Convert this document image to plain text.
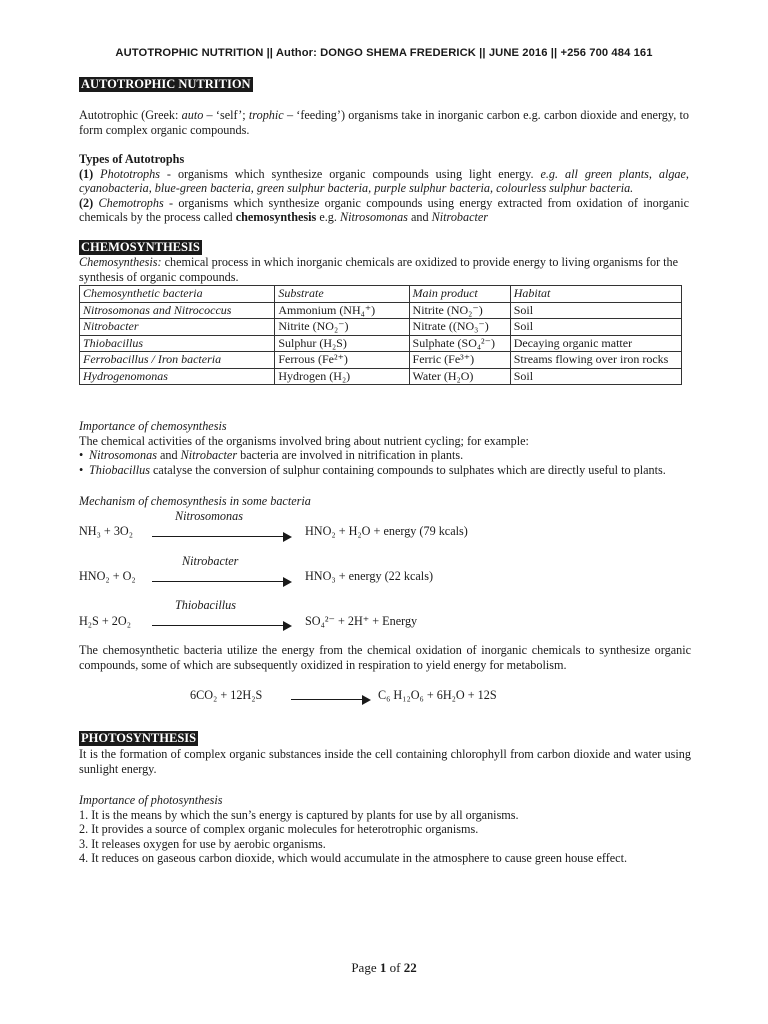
AUTOTROPHIC NUTRITION || Author: DONGO SHEMA FREDERICK || JUNE 2016 || +256 700 484 161
AUTOTROPHIC NUTRITION
Autotrophic (Greek: auto – ‘self’; trophic – ‘feeding’) organisms take in inorganic carbon e.g. carbon dioxide and energy, to form complex organic compounds.
Types of Autotrophs
(1) Phototrophs - organisms which synthesize organic compounds using light energy. e.g. all green plants, algae, cyanobacteria, blue-green bacteria, green sulphur bacteria, purple sulphur bacteria, colourless sulphur bacteria.
(2) Chemotrophs - organisms which synthesize organic compounds using energy extracted from oxidation of inorganic chemicals by the process called chemosynthesis e.g. Nitrosomonas and Nitrobacter
CHEMOSYNTHESIS
Chemosynthesis: chemical process in which inorganic chemicals are oxidized to provide energy to living organisms for the synthesis of organic compounds.
Chemosynthetic bacteria	Substrate	Main product	Habitat
Nitrosomonas and Nitrococcus	Ammonium (NH₄⁺)	Nitrite (NO₂⁻)	Soil
Nitrobacter	Nitrite (NO₂⁻)	Nitrate ((NO₃⁻)	Soil
Thiobacillus	Sulphur (H₂S)	Sulphate (SO₄²⁻)	Decaying organic matter
Ferrobacillus / Iron bacteria	Ferrous (Fe²⁺)	Ferric (Fe³⁺)	Streams flowing over iron rocks
Hydrogenomonas	Hydrogen (H₂)	Water (H₂O)	Soil
Importance of chemosynthesis
The chemical activities of the organisms involved bring about nutrient cycling; for example:
• Nitrosomonas and Nitrobacter bacteria are involved in nitrification in plants.
• Thiobacillus catalyse the conversion of sulphur containing compounds to sulphates which are directly useful to plants.
Mechanism of chemosynthesis in some bacteria
Nitrosomonas
NH₃ + 3O₂	HNO₂ + H₂O + energy (79 kcals)
Nitrobacter
HNO₂ + O₂	HNO₃ + energy (22 kcals)
Thiobacillus
H₂S + 2O₂	SO₄²⁻ + 2H⁺ + Energy
The chemosynthetic bacteria utilize the energy from the chemical oxidation of inorganic chemicals to synthesize organic compounds, some of which are subsequently oxidized in respiration to yield energy for metabolism.
6CO₂ + 12H₂S	C₆ H₁₂O₆ + 6H₂O + 12S
PHOTOSYNTHESIS
It is the formation of complex organic substances inside the cell containing chlorophyll from carbon dioxide and water using sunlight energy.
Importance of photosynthesis
1. It is the means by which the sun’s energy is captured by plants for use by all organisms.
2. It provides a source of complex organic molecules for heterotrophic organisms.
3. It releases oxygen for use by aerobic organisms.
4. It reduces on gaseous carbon dioxide, which would accumulate in the atmosphere to cause green house effect.
Page 1 of 22
